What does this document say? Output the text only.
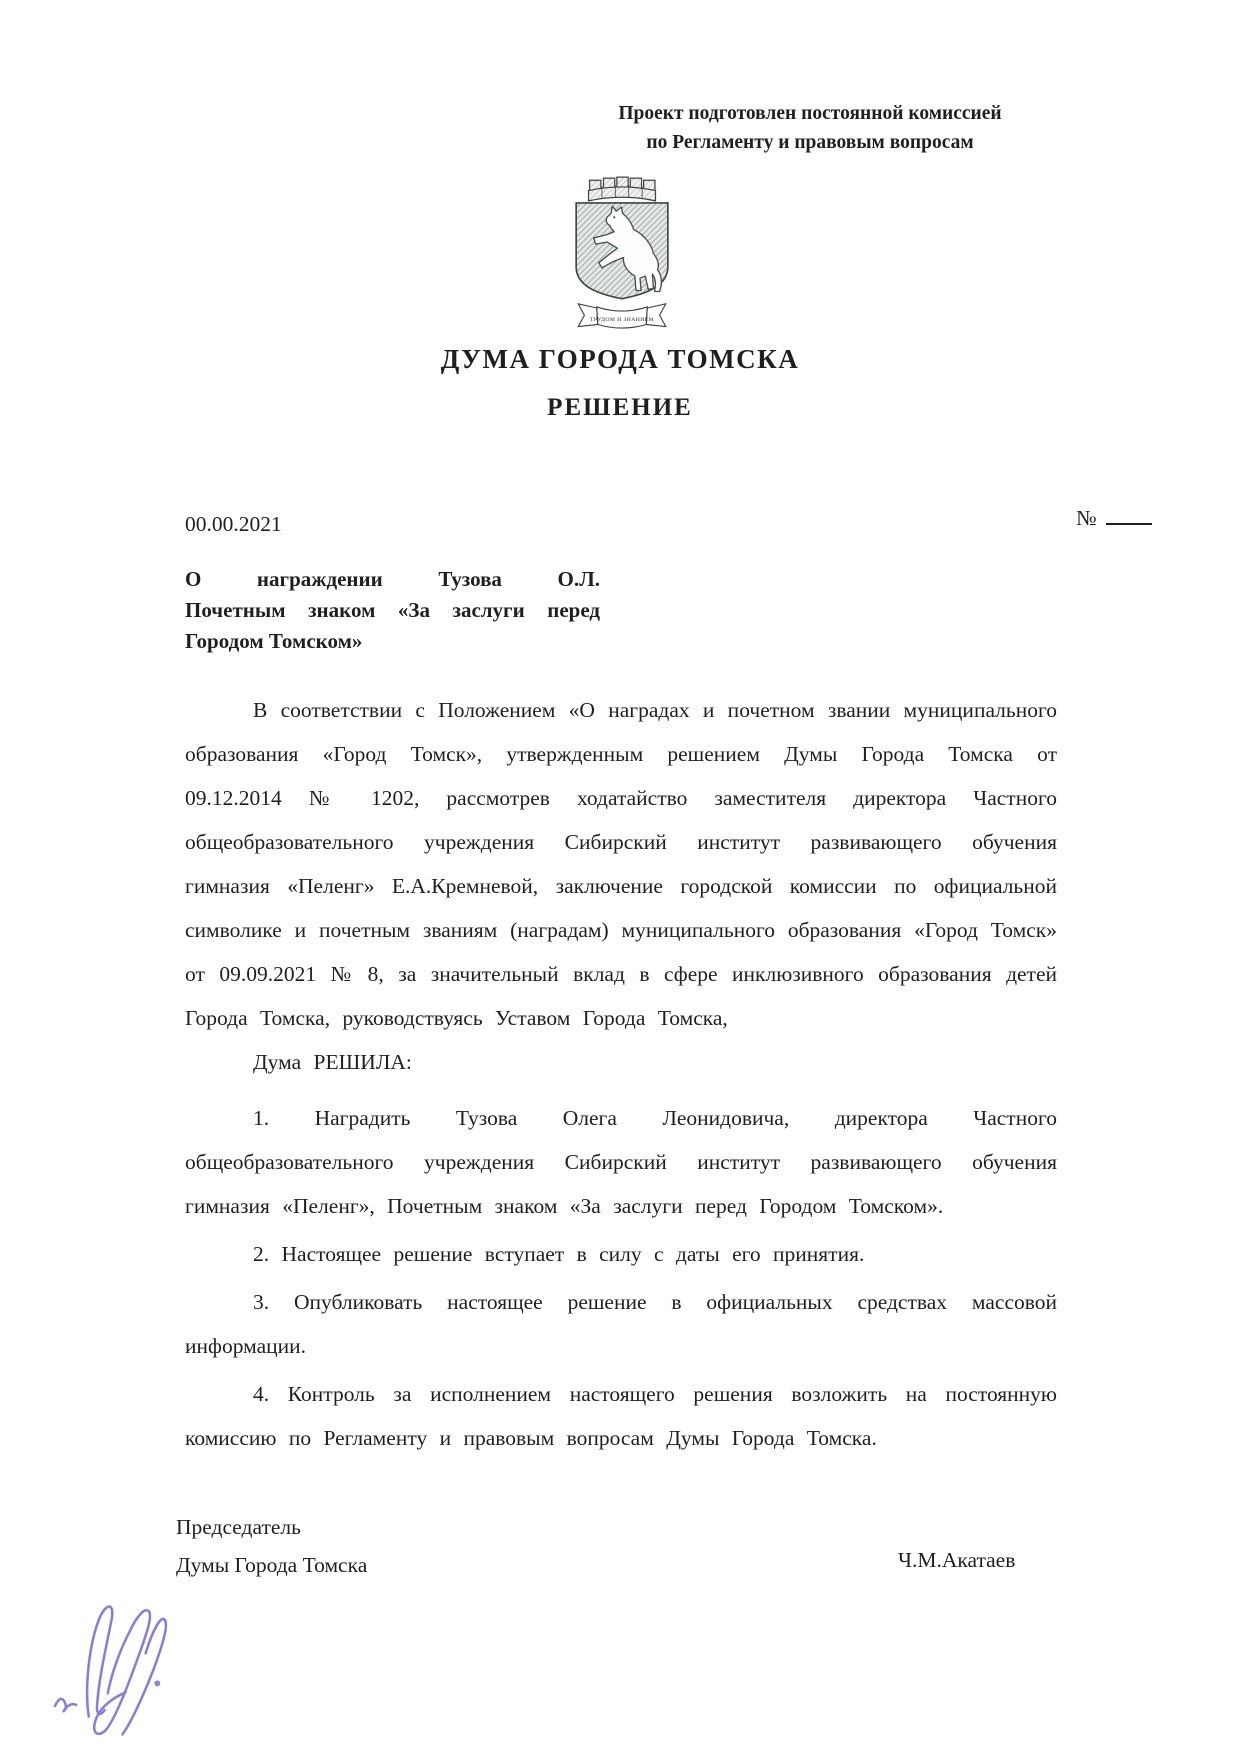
Проект подготовлен постоянной комиссией
по Регламенту и правовым вопросам
ТРУДОМ И ЗНАНИЕМ
ДУМА ГОРОДА ТОМСКА
РЕШЕНИЕ
00.00.2021	№
О награждении Тузова О.Л.
Почетным знаком «За заслуги перед
Городом Томском»

В соответствии с Положением «О наградах и почетном звании муниципального образования «Город Томск», утвержденным решением Думы Города Томска от 09.12.2014 № 1202, рассмотрев ходатайство заместителя директора Частного общеобразовательного учреждения Сибирский институт развивающего обучения гимназия «Пеленг» Е.А.Кремневой, заключение городской комиссии по официальной символике и почетным званиям (наградам) муниципального образования «Город Томск» от 09.09.2021 № 8, за значительный вклад в сфере инклюзивного образования детей Города Томска, руководствуясь Уставом Города Томска,

Дума РЕШИЛА:

1. Наградить Тузова Олега Леонидовича, директора Частного общеобразовательного учреждения Сибирский институт развивающего обучения гимназия «Пеленг», Почетным знаком «За заслуги перед Городом Томском».

2. Настоящее решение вступает в силу с даты его принятия.

3. Опубликовать настоящее решение в официальных средствах массовой информации.

4. Контроль за исполнением настоящего решения возложить на постоянную комиссию по Регламенту и правовым вопросам Думы Города Томска.

Председатель
Думы Города Томска	Ч.М.Акатаев
